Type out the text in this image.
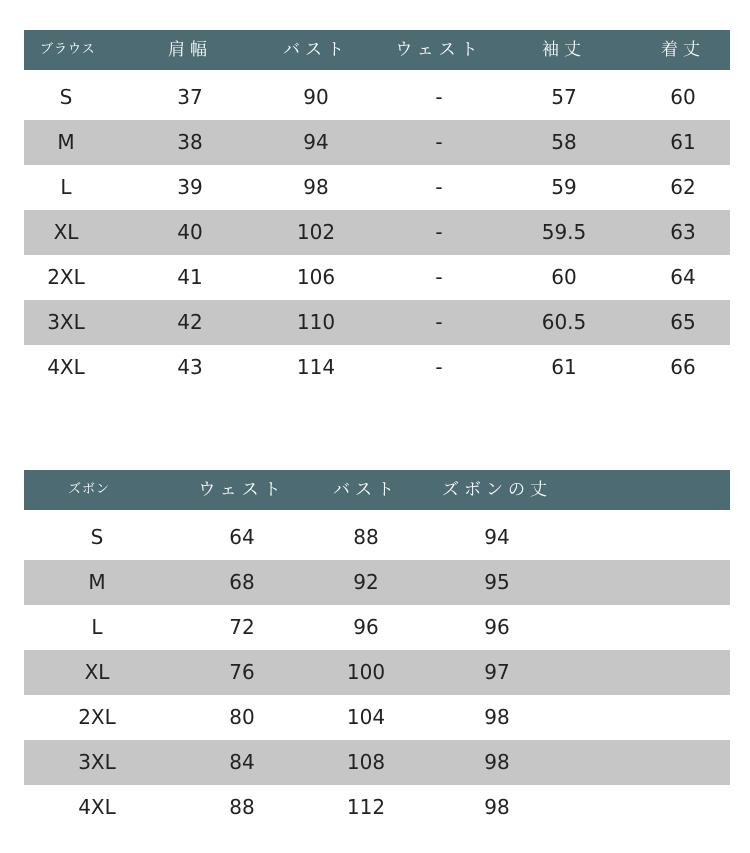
ブラウス	肩幅	バスト	ウェスト	袖丈	着丈
S	37	90	-	57	60
M	38	94	-	58	61
L	39	98	-	59	62
XL	40	102	-	59.5	63
2XL	41	106	-	60	64
3XL	42	110	-	60.5	65
4XL	43	114	-	61	66
ズボン	ウェスト	バスト	ズボンの丈
S	64	88	94
M	68	92	95
L	72	96	96
XL	76	100	97
2XL	80	104	98
3XL	84	108	98
4XL	88	112	98
